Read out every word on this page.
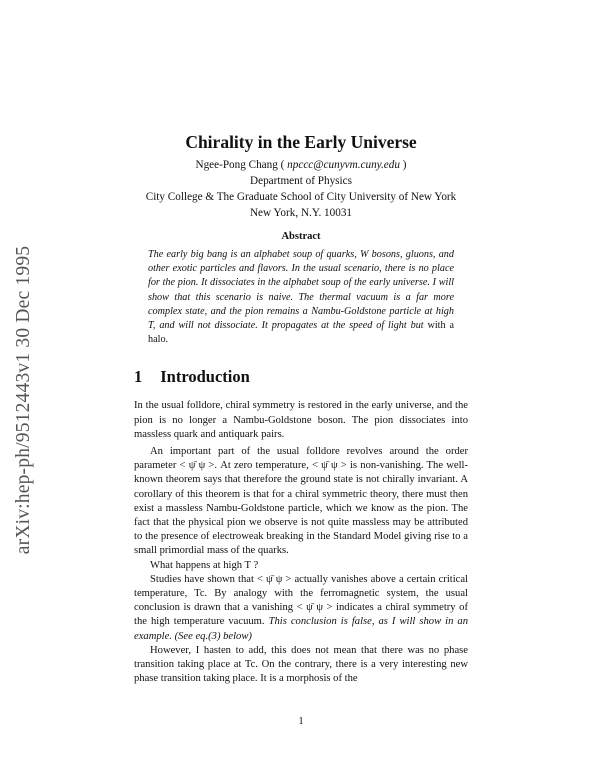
arXiv:hep-ph/9512443v1 30 Dec 1995
Chirality in the Early Universe
Ngee-Pong Chang ( npccc@cunyvm.cuny.edu )
Department of Physics
City College & The Graduate School of City University of New York
New York, N.Y. 10031
Abstract
The early big bang is an alphabet soup of quarks, W bosons, gluons, and other exotic particles and flavors. In the usual scenario, there is no place for the pion. It dissociates in the alphabet soup of the early universe. I will show that this scenario is naive. The thermal vacuum is a far more complex state, and the pion remains a Nambu-Goldstone particle at high T, and will not dissociate. It propagates at the speed of light but with a halo.
1 Introduction

In the usual folldore, chiral symmetry is restored in the early universe, and the pion is no longer a Nambu-Goldstone boson. The pion dissociates into massless quark and antiquark pairs.

An important part of the usual folldore revolves around the order parameter < ψ̄ ψ >. At zero temperature, < ψ̄ ψ > is non-vanishing. The well-known theorem says that therefore the ground state is not chirally invariant. A corollary of this theorem is that for a chiral symmetric theory, there must then exist a massless Nambu-Goldstone particle, which we know as the pion. The fact that the physical pion we observe is not quite massless may be attributed to the presence of electroweak breaking in the Standard Model giving rise to a small primordial mass of the quarks.

What happens at high T ?

Studies have shown that < ψ̄ ψ > actually vanishes above a certain critical temperature, Tc. By analogy with the ferromagnetic system, the usual conclusion is drawn that a vanishing < ψ̄ ψ > indicates a chiral symmetry of the high temperature vacuum. This conclusion is false, as I will show in an example. (See eq.(3) below)

However, I hasten to add, this does not mean that there was no phase transition taking place at Tc. On the contrary, there is a very interesting new phase transition taking place. It is a morphosis of the

1
